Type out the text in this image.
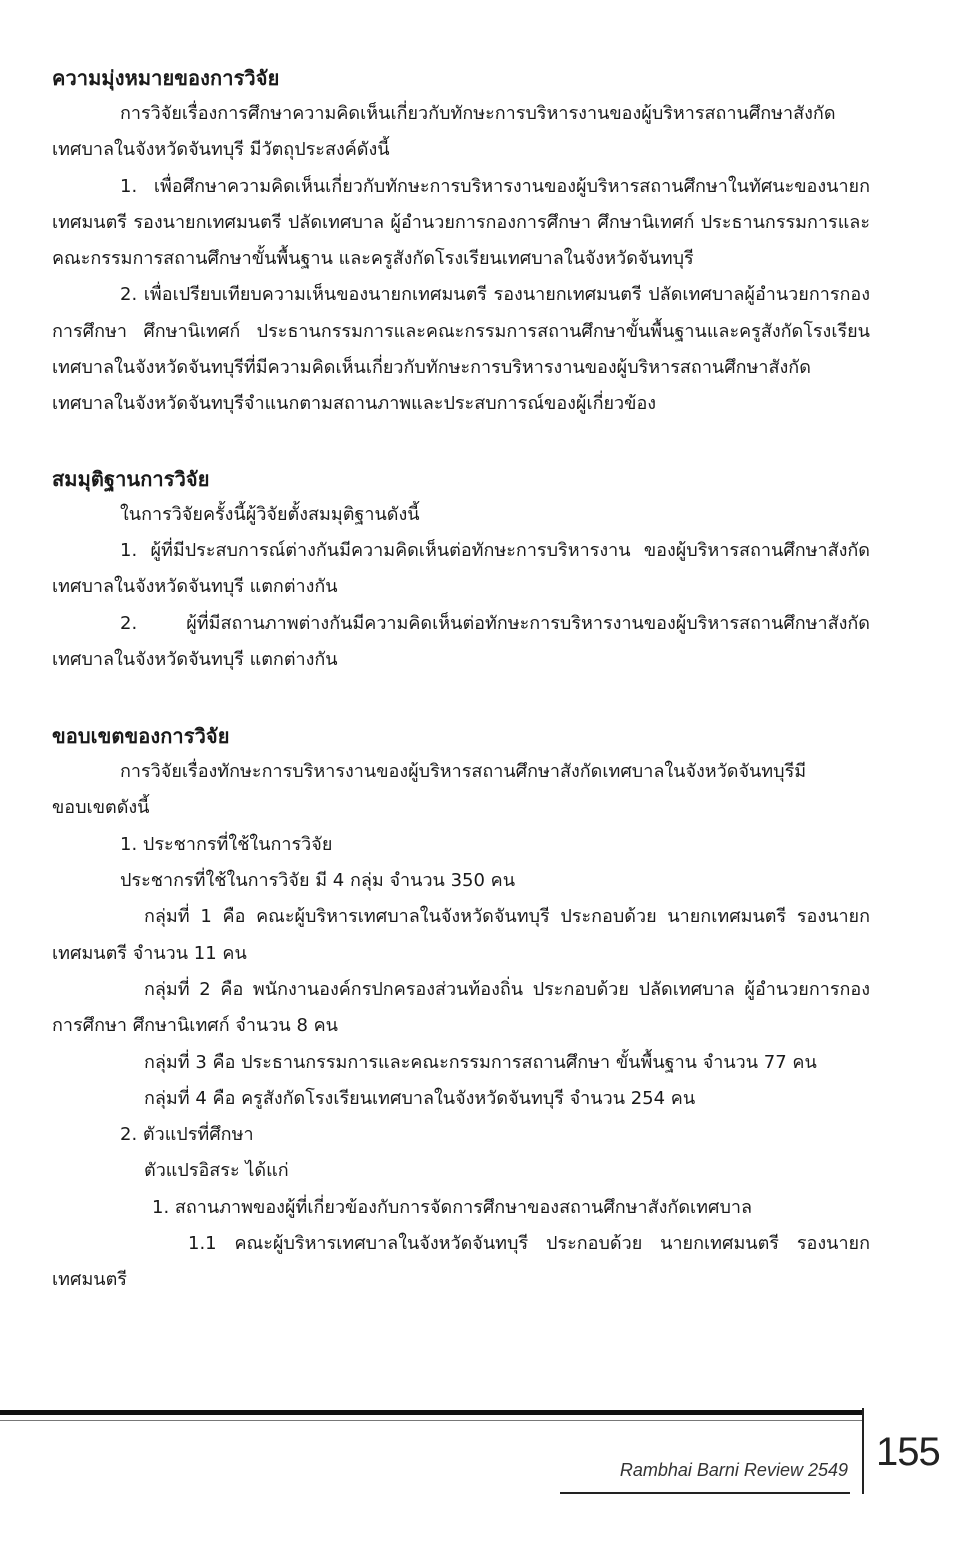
ความมุ่งหมายของการวิจัย

การวิจัยเรื่องการศึกษาความคิดเห็นเกี่ยวกับทักษะการบริหารงานของผู้บริหารสถานศึกษาสังกัดเทศบาลในจังหวัดจันทบุรี มีวัตถุประสงค์ดังนี้

1. เพื่อศึกษาความคิดเห็นเกี่ยวกับทักษะการบริหารงานของผู้บริหารสถานศึกษาในทัศนะของนายกเทศมนตรี รองนายกเทศมนตรี ปลัดเทศบาล ผู้อำนวยการกองการศึกษา ศึกษานิเทศก์ ประธานกรรมการและคณะกรรมการสถานศึกษาขั้นพื้นฐาน และครูสังกัดโรงเรียนเทศบาลในจังหวัดจันทบุรี

2. เพื่อเปรียบเทียบความเห็นของนายกเทศมนตรี รองนายกเทศมนตรี ปลัดเทศบาลผู้อำนวยการกองการศึกษา ศึกษานิเทศก์ ประธานกรรมการและคณะกรรมการสถานศึกษาขั้นพื้นฐานและครูสังกัดโรงเรียนเทศบาลในจังหวัดจันทบุรีที่มีความคิดเห็นเกี่ยวกับทักษะการบริหารงานของผู้บริหารสถานศึกษาสังกัดเทศบาลในจังหวัดจันทบุรีจำแนกตามสถานภาพและประสบการณ์ของผู้เกี่ยวข้อง

สมมุติฐานการวิจัย

ในการวิจัยครั้งนี้ผู้วิจัยตั้งสมมุติฐานดังนี้

1. ผู้ที่มีประสบการณ์ต่างกันมีความคิดเห็นต่อทักษะการบริหารงาน ของผู้บริหารสถานศึกษาสังกัดเทศบาลในจังหวัดจันทบุรี แตกต่างกัน

2. ผู้ที่มีสถานภาพต่างกันมีความคิดเห็นต่อทักษะการบริหารงานของผู้บริหารสถานศึกษาสังกัดเทศบาลในจังหวัดจันทบุรี แตกต่างกัน

ขอบเขตของการวิจัย

การวิจัยเรื่องทักษะการบริหารงานของผู้บริหารสถานศึกษาสังกัดเทศบาลในจังหวัดจันทบุรีมีขอบเขตดังนี้

1. ประชากรที่ใช้ในการวิจัย

ประชากรที่ใช้ในการวิจัย มี 4 กลุ่ม จำนวน 350 คน

กลุ่มที่ 1 คือ คณะผู้บริหารเทศบาลในจังหวัดจันทบุรี ประกอบด้วย นายกเทศมนตรี รองนายกเทศมนตรี จำนวน 11 คน

กลุ่มที่ 2 คือ พนักงานองค์กรปกครองส่วนท้องถิ่น ประกอบด้วย ปลัดเทศบาล ผู้อำนวยการกองการศึกษา ศึกษานิเทศก์ จำนวน 8 คน

กลุ่มที่ 3 คือ ประธานกรรมการและคณะกรรมการสถานศึกษา ขั้นพื้นฐาน จำนวน 77 คน

กลุ่มที่ 4 คือ ครูสังกัดโรงเรียนเทศบาลในจังหวัดจันทบุรี จำนวน 254 คน

2. ตัวแปรที่ศึกษา

ตัวแปรอิสระ ได้แก่

1. สถานภาพของผู้ที่เกี่ยวข้องกับการจัดการศึกษาของสถานศึกษาสังกัดเทศบาล

1.1 คณะผู้บริหารเทศบาลในจังหวัดจันทบุรี ประกอบด้วย นายกเทศมนตรี รองนายกเทศมนตรี

Rambhai Barni Review 2549 155
